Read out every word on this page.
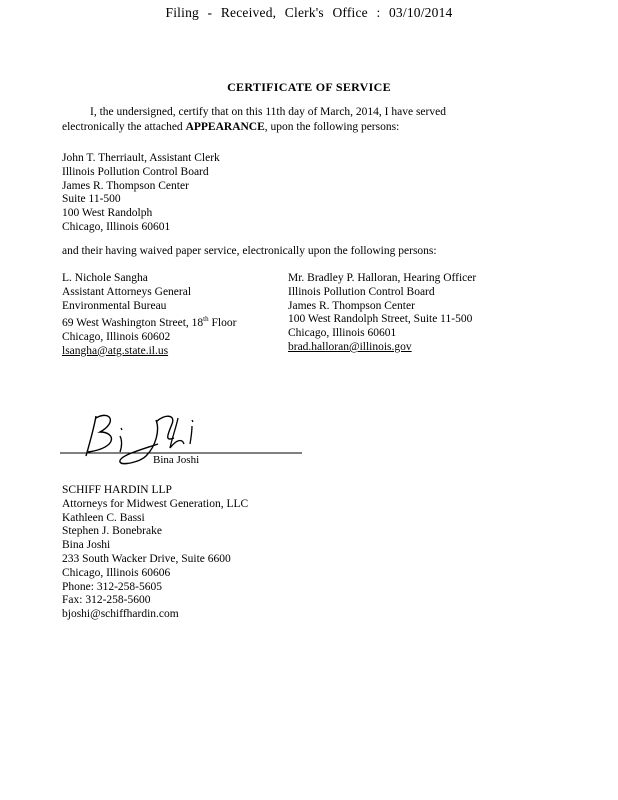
Filing - Received, Clerk's Office : 03/10/2014
CERTIFICATE OF SERVICE
I, the undersigned, certify that on this 11th day of March, 2014, I have served electronically the attached APPEARANCE, upon the following persons:
John T. Therriault, Assistant Clerk
Illinois Pollution Control Board
James R. Thompson Center
Suite 11-500
100 West Randolph
Chicago, Illinois 60601
and their having waived paper service, electronically upon the following persons:
L. Nichole Sangha
Assistant Attorneys General
Environmental Bureau
69 West Washington Street, 18th Floor
Chicago, Illinois 60602
lsangha@atg.state.il.us
Mr. Bradley P. Halloran, Hearing Officer
Illinois Pollution Control Board
James R. Thompson Center
100 West Randolph Street, Suite 11-500
Chicago, Illinois 60601
brad.halloran@illinois.gov
Bina Joshi
SCHIFF HARDIN LLP
Attorneys for Midwest Generation, LLC
Kathleen C. Bassi
Stephen J. Bonebrake
Bina Joshi
233 South Wacker Drive, Suite 6600
Chicago, Illinois 60606
Phone: 312-258-5605
Fax: 312-258-5600
bjoshi@schiffhardin.com
